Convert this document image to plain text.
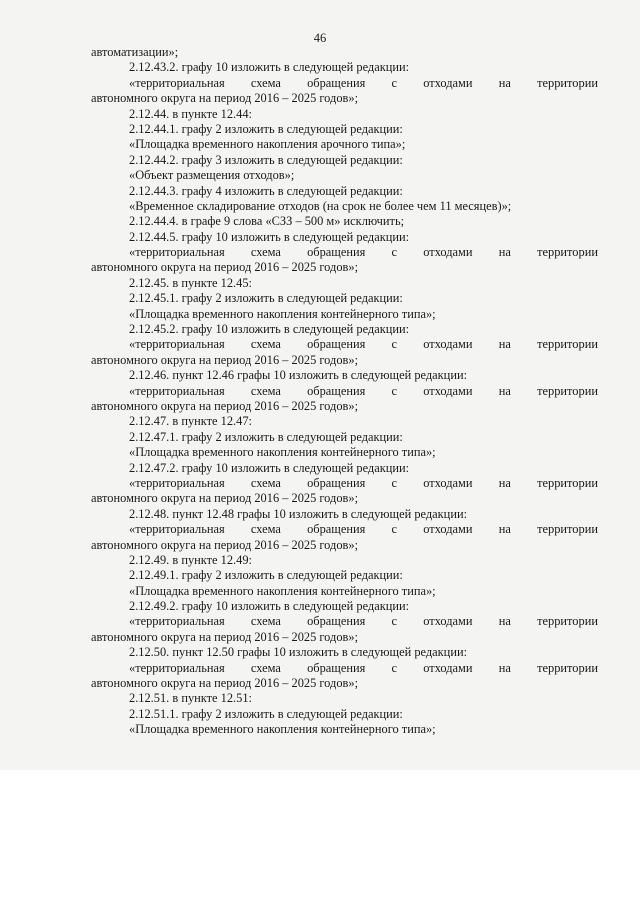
46
автоматизации»;
2.12.43.2. графу 10 изложить в следующей редакции:
«территориальная схема обращения с отходами на территории
автономного округа на период 2016 – 2025 годов»;
2.12.44. в пункте 12.44:
2.12.44.1. графу 2 изложить в следующей редакции:
«Площадка временного накопления арочного типа»;
2.12.44.2. графу 3 изложить в следующей редакции:
«Объект размещения отходов»;
2.12.44.3. графу 4 изложить в следующей редакции:
«Временное складирование отходов (на срок не более чем 11 месяцев)»;
2.12.44.4. в графе 9 слова «СЗЗ – 500 м» исключить;
2.12.44.5. графу 10 изложить в следующей редакции:
«территориальная схема обращения с отходами на территории
автономного округа на период 2016 – 2025 годов»;
2.12.45. в пункте 12.45:
2.12.45.1. графу 2 изложить в следующей редакции:
«Площадка временного накопления контейнерного типа»;
2.12.45.2. графу 10 изложить в следующей редакции:
«территориальная схема обращения с отходами на территории
автономного округа на период 2016 – 2025 годов»;
2.12.46. пункт 12.46 графы 10 изложить в следующей редакции:
«территориальная схема обращения с отходами на территории
автономного округа на период 2016 – 2025 годов»;
2.12.47. в пункте 12.47:
2.12.47.1. графу 2 изложить в следующей редакции:
«Площадка временного накопления контейнерного типа»;
2.12.47.2. графу 10 изложить в следующей редакции:
«территориальная схема обращения с отходами на территории
автономного округа на период 2016 – 2025 годов»;
2.12.48. пункт 12.48 графы 10 изложить в следующей редакции:
«территориальная схема обращения с отходами на территории
автономного округа на период 2016 – 2025 годов»;
2.12.49. в пункте 12.49:
2.12.49.1. графу 2 изложить в следующей редакции:
«Площадка временного накопления контейнерного типа»;
2.12.49.2. графу 10 изложить в следующей редакции:
«территориальная схема обращения с отходами на территории
автономного округа на период 2016 – 2025 годов»;
2.12.50. пункт 12.50 графы 10 изложить в следующей редакции:
«территориальная схема обращения с отходами на территории
автономного округа на период 2016 – 2025 годов»;
2.12.51. в пункте 12.51:
2.12.51.1. графу 2 изложить в следующей редакции:
«Площадка временного накопления контейнерного типа»;
